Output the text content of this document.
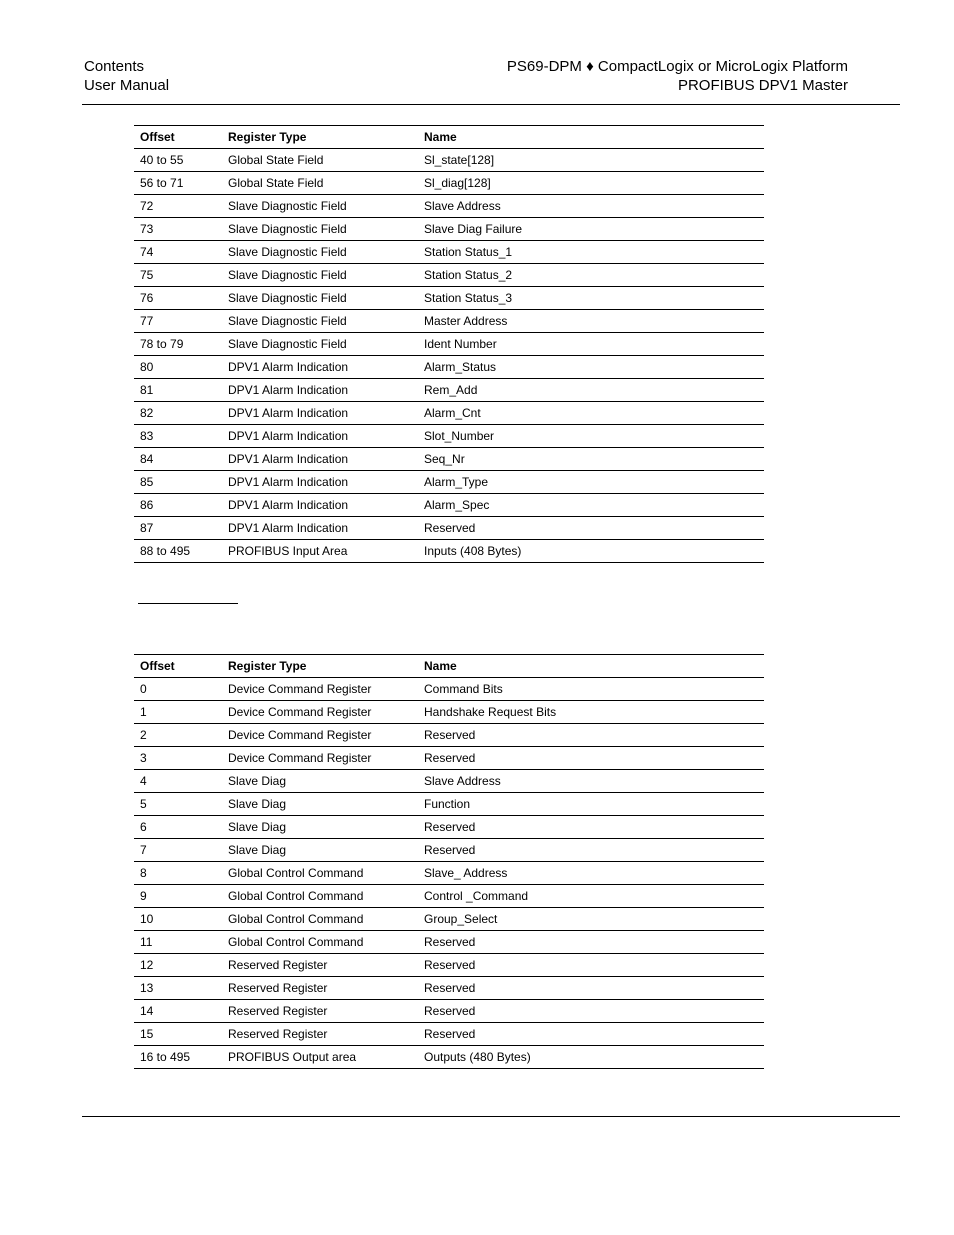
Contents
User Manual
PS69-DPM ♦ CompactLogix or MicroLogix Platform
PROFIBUS DPV1 Master
Offset	Register Type	Name
40 to 55	Global State Field	Sl_state[128]
56 to 71	Global State Field	Sl_diag[128]
72	Slave Diagnostic Field	Slave Address
73	Slave Diagnostic Field	Slave Diag Failure
74	Slave Diagnostic Field	Station Status_1
75	Slave Diagnostic Field	Station Status_2
76	Slave Diagnostic Field	Station Status_3
77	Slave Diagnostic Field	Master Address
78 to 79	Slave Diagnostic Field	Ident Number
80	DPV1 Alarm Indication	Alarm_Status
81	DPV1 Alarm Indication	Rem_Add
82	DPV1 Alarm Indication	Alarm_Cnt
83	DPV1 Alarm Indication	Slot_Number
84	DPV1 Alarm Indication	Seq_Nr
85	DPV1 Alarm Indication	Alarm_Type
86	DPV1 Alarm Indication	Alarm_Spec
87	DPV1 Alarm Indication	Reserved
88 to 495	PROFIBUS Input Area	Inputs (408 Bytes)
Offset	Register Type	Name
0	Device Command Register	Command Bits
1	Device Command Register	Handshake Request Bits
2	Device Command Register	Reserved
3	Device Command Register	Reserved
4	Slave Diag	Slave Address
5	Slave Diag	Function
6	Slave Diag	Reserved
7	Slave Diag	Reserved
8	Global Control Command	Slave_ Address
9	Global Control Command	Control _Command
10	Global Control Command	Group_Select
11	Global Control Command	Reserved
12	Reserved Register	Reserved
13	Reserved Register	Reserved
14	Reserved Register	Reserved
15	Reserved Register	Reserved
16 to 495	PROFIBUS Output area	Outputs (480 Bytes)
